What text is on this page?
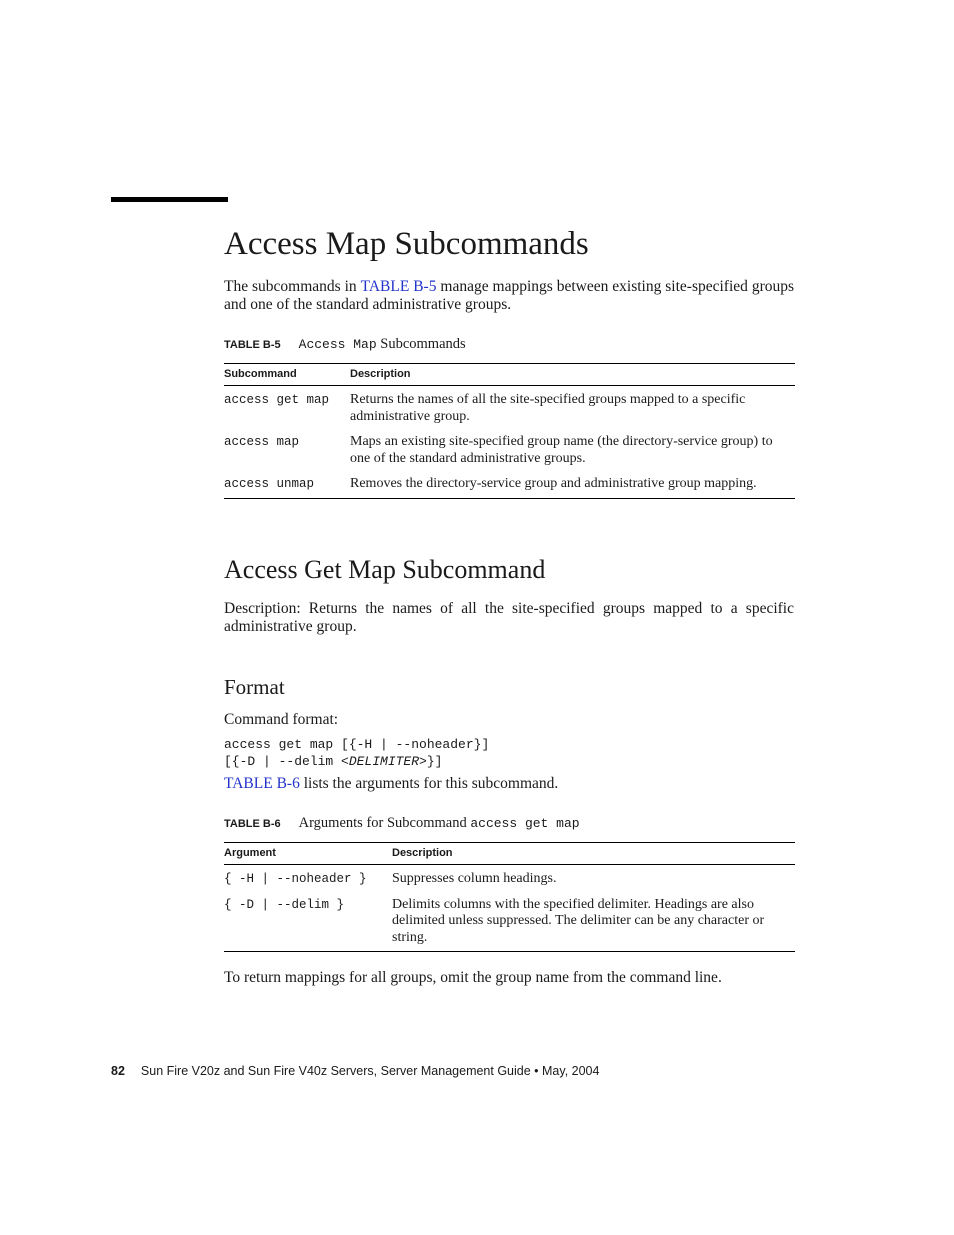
Access Map Subcommands
The subcommands in TABLE B-5 manage mappings between existing site-specified groups and one of the standard administrative groups.
TABLE B-5 Access Map Subcommands
Subcommand	Description
access get map	Returns the names of all the site-specified groups mapped to a specific administrative group.
access map	Maps an existing site-specified group name (the directory-service group) to one of the standard administrative groups.
access unmap	Removes the directory-service group and administrative group mapping.
Access Get Map Subcommand
Description: Returns the names of all the site-specified groups mapped to a specific administrative group.
Format
Command format:
access get map [{-H | --noheader}]
[{-D | --delim <DELIMITER>}]
TABLE B-6 lists the arguments for this subcommand.
TABLE B-6 Arguments for Subcommand access get map
Argument	Description
{ -H | --noheader }	Suppresses column headings.
{ -D | --delim }	Delimits columns with the specified delimiter. Headings are also delimited unless suppressed. The delimiter can be any character or string.
To return mappings for all groups, omit the group name from the command line.
82 Sun Fire V20z and Sun Fire V40z Servers, Server Management Guide • May, 2004
